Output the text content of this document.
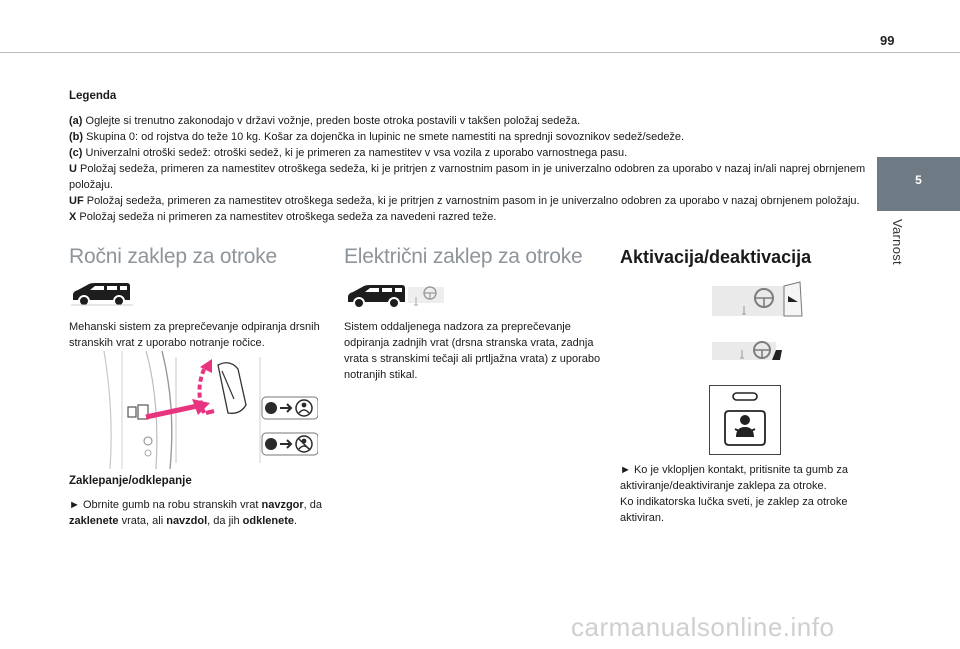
99
5
Varnost
Legenda

(a) Oglejte si trenutno zakonodajo v državi vožnje, preden boste otroka postavili v takšen položaj sedeža.

(b) Skupina 0: od rojstva do teže 10 kg. Košar za dojenčka in lupinic ne smete namestiti na sprednji sovoznikov sedež/sedeže.

(c) Univerzalni otroški sedež: otroški sedež, ki je primeren za namestitev v vsa vozila z uporabo varnostnega pasu.

U Položaj sedeža, primeren za namestitev otroškega sedeža, ki je pritrjen z varnostnim pasom in je univerzalno odobren za uporabo v nazaj in/ali naprej obrnjenem položaju.

UF Položaj sedeža, primeren za namestitev otroškega sedeža, ki je pritrjen z varnostnim pasom in je univerzalno odobren za uporabo v nazaj obrnjenem položaju.

X Položaj sedeža ni primeren za namestitev otroškega sedeža za navedeni razred teže.

Ročni zaklep za otroke

Mehanski sistem za preprečevanje odpiranja drsnih stranskih vrat z uporabo notranje ročice.

Zaklepanje/odklepanje

► Obrnite gumb na robu stranskih vrat navzgor, da zaklenete vrata, ali navzdol, da jih odklenete.

Električni zaklep za otroke

Sistem oddaljenega nadzora za preprečevanje odpiranja zadnjih vrat (drsna stranska vrata, zadnja vrata s stranskimi tečaji ali prtljažna vrata) z uporabo notranjih stikal.

Aktivacija/deaktivacija

► Ko je vklopljen kontakt, pritisnite ta gumb za aktiviranje/deaktiviranje zaklepa za otroke.

Ko indikatorska lučka sveti, je zaklep za otroke aktiviran.

carmanualsonline.info
